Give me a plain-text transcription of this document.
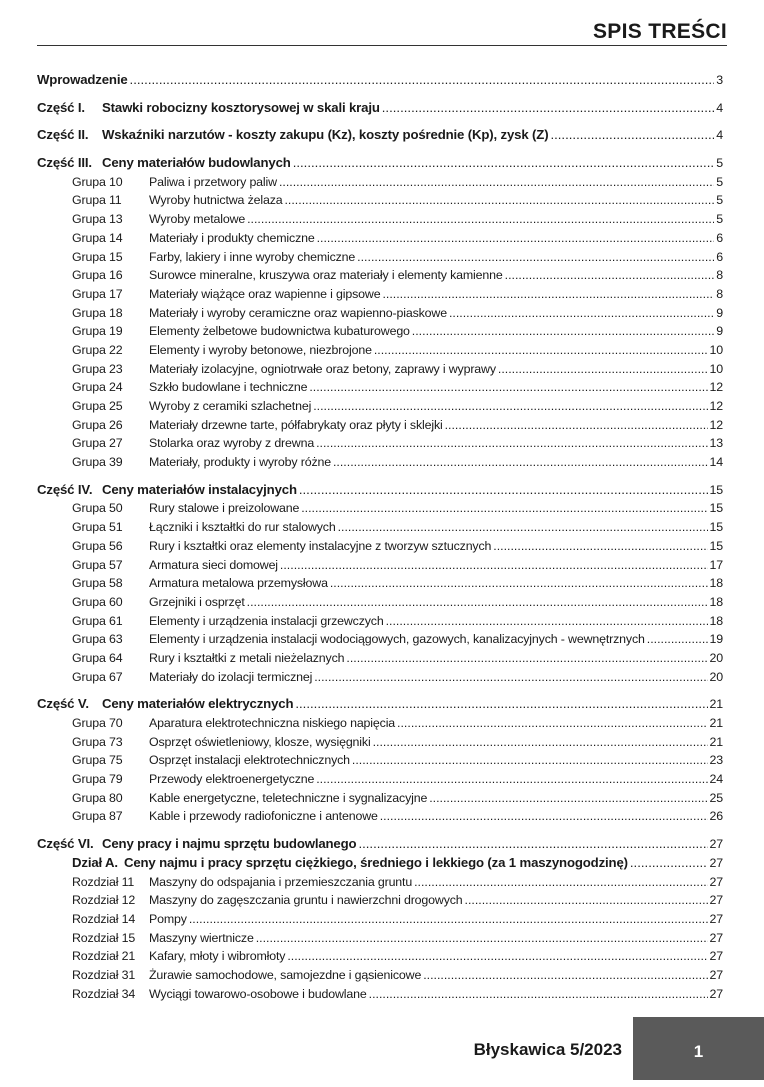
SPIS TREŚCI
Wprowadzenie .....	3
Część I.	Stawki robocizny kosztorysowej w skali kraju .....	4
Część II.	Wskaźniki narzutów - koszty zakupu (Kz), koszty pośrednie (Kp), zysk (Z) .....	4
Część III. Ceny materiałów budowlanych .....	5
Grupa 10	Paliwa i przetwory paliw .....	5
Grupa 11	Wyroby hutnictwa żelaza .....	5
Grupa 13	Wyroby metalowe .....	5
Grupa 14	Materiały i produkty chemiczne .....	6
Grupa 15	Farby, lakiery i inne wyroby chemiczne .....	6
Grupa 16	Surowce mineralne, kruszywa oraz materiały i elementy kamienne .....	8
Grupa 17	Materiały wiążące oraz wapienne i gipsowe .....	8
Grupa 18	Materiały i wyroby ceramiczne oraz wapienno-piaskowe .....	9
Grupa 19	Elementy żelbetowe budownictwa kubaturowego .....	9
Grupa 22	Elementy i wyroby betonowe, niezbrojone .....	10
Grupa 23	Materiały izolacyjne, ogniotrwałe oraz betony, zaprawy i wyprawy .....	10
Grupa 24	Szkło budowlane i techniczne .....	12
Grupa 25	Wyroby z ceramiki szlachetnej .....	12
Grupa 26	Materiały drzewne tarte, półfabrykaty oraz płyty i sklejki .....	12
Grupa 27	Stolarka oraz wyroby z drewna .....	13
Grupa 39	Materiały, produkty i wyroby różne .....	14
Część IV. Ceny materiałów instalacyjnych .....	15
Grupa 50	Rury stalowe i preizolowane .....	15
Grupa 51	Łączniki i kształtki do rur stalowych .....	15
Grupa 56	Rury i kształtki oraz elementy instalacyjne z tworzyw sztucznych .....	15
Grupa 57	Armatura sieci domowej .....	17
Grupa 58	Armatura metalowa przemysłowa .....	18
Grupa 60	Grzejniki i osprzęt .....	18
Grupa 61	Elementy i urządzenia instalacji grzewczych .....	18
Grupa 63	Elementy i urządzenia instalacji wodociągowych, gazowych, kanalizacyjnych - wewnętrznych .....	19
Grupa 64	Rury i kształtki z metali nieżelaznych .....	20
Grupa 67	Materiały do izolacji termicznej .....	20
Część V. Ceny materiałów elektrycznych .....	21
Grupa 70	Aparatura elektrotechniczna niskiego napięcia .....	21
Grupa 73	Osprzęt oświetleniowy, klosze, wysięgniki .....	21
Grupa 75	Osprzęt instalacji elektrotechnicznych .....	23
Grupa 79	Przewody elektroenergetyczne .....	24
Grupa 80	Kable energetyczne, teletechniczne i sygnalizacyjne .....	25
Grupa 87	Kable i przewody radiofoniczne i antenowe .....	26
Część VI. Ceny pracy i najmu sprzętu budowlanego .....	27
Dział A. Ceny najmu i pracy sprzętu ciężkiego, średniego i lekkiego (za 1 maszynogodzinę) .....	27
Rozdział 11	Maszyny do odspajania i przemieszczania gruntu .....	27
Rozdział 12	Maszyny do zagęszczania gruntu i nawierzchni drogowych .....	27
Rozdział 14	Pompy .....	27
Rozdział 15	Maszyny wiertnicze .....	27
Rozdział 21	Kafary, młoty i wibromłoty .....	27
Rozdział 31	Żurawie samochodowe, samojezdne i gąsienicowe .....	27
Rozdział 34	Wyciągi towarowo-osobowe i budowlane .....	27
1
Błyskawica 5/2023
